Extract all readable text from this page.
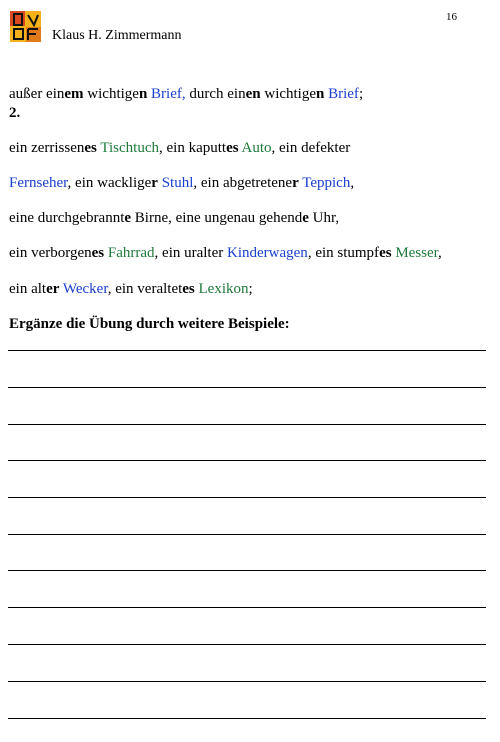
Klaus H. Zimmermann
16
außer einem wichtigen Brief, durch einen wichtigen Brief;
2.
ein zerrissenes Tischtuch, ein kaputtes Auto, ein defekter
Fernseher, ein wackliger Stuhl, ein abgetretener Teppich,
eine durchgebrannte Birne, eine ungenau gehende Uhr,
ein verborgenes Fahrrad, ein uralter Kinderwagen, ein stumpfes Messer,
ein alter Wecker, ein veraltetes Lexikon;
Ergänze die Übung durch weitere Beispiele:
